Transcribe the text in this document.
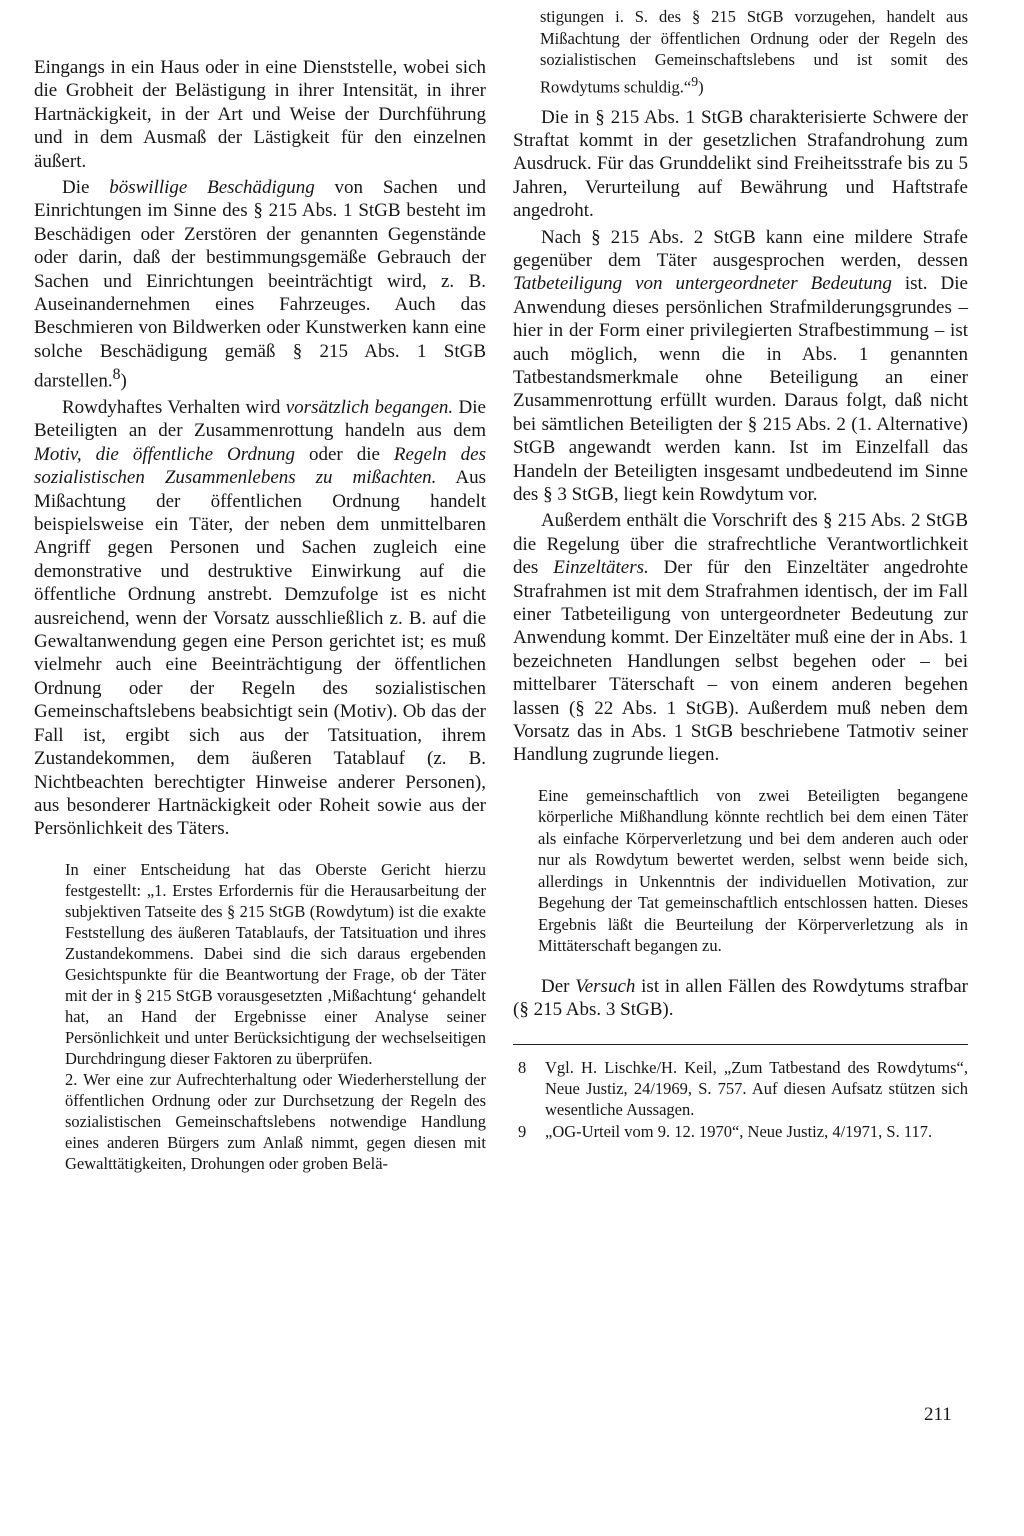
Eingangs in ein Haus oder in eine Dienststelle, wobei sich die Grobheit der Belästigung in ihrer Intensität, in ihrer Hartnäckigkeit, in der Art und Weise der Durchführung und in dem Ausmaß der Lästigkeit für den einzelnen äußert.

Die böswillige Beschädigung von Sachen und Einrichtungen im Sinne des § 215 Abs. 1 StGB besteht im Beschädigen oder Zerstören der genannten Gegenstände oder darin, daß der bestimmungsgemäße Gebrauch der Sachen und Einrichtungen beeinträchtigt wird, z. B. Auseinandernehmen eines Fahrzeuges. Auch das Beschmieren von Bildwerken oder Kunstwerken kann eine solche Beschädigung gemäß § 215 Abs. 1 StGB darstellen.$^8$)

Rowdyhaftes Verhalten wird vorsätzlich begangen. Die Beteiligten an der Zusammenrottung handeln aus dem Motiv, die öffentliche Ordnung oder die Regeln des sozialistischen Zusammenlebens zu mißachten. Aus Mißachtung der öffentlichen Ordnung handelt beispielsweise ein Täter, der neben dem unmittelbaren Angriff gegen Personen und Sachen zugleich eine demonstrative und destruktive Einwirkung auf die öffentliche Ordnung anstrebt. Demzufolge ist es nicht ausreichend, wenn der Vorsatz ausschließlich z. B. auf die Gewaltanwendung gegen eine Person gerichtet ist; es muß vielmehr auch eine Beeinträchtigung der öffentlichen Ordnung oder der Regeln des sozialistischen Gemeinschaftslebens beabsichtigt sein (Motiv). Ob das der Fall ist, ergibt sich aus der Tatsituation, ihrem Zustandekommen, dem äußeren Tatablauf (z. B. Nichtbeachten berechtigter Hinweise anderer Personen), aus besonderer Hartnäckigkeit oder Roheit sowie aus der Persönlichkeit des Täters.

In einer Entscheidung hat das Oberste Gericht hierzu festgestellt: „1. Erstes Erfordernis für die Herausarbeitung der subjektiven Tatseite des § 215 StGB (Rowdytum) ist die exakte Feststellung des äußeren Tatablaufs, der Tatsituation und ihres Zustandekommens. Dabei sind die sich daraus ergebenden Gesichtspunkte für die Beantwortung der Frage, ob der Täter mit der in § 215 StGB vorausgesetzten ‚Mißachtung‘ gehandelt hat, an Hand der Ergebnisse einer Analyse seiner Persönlichkeit und unter Berücksichtigung der wechselseitigen Durchdringung dieser Faktoren zu überprüfen.

2. Wer eine zur Aufrechterhaltung oder Wiederherstellung der öffentlichen Ordnung oder zur Durchsetzung der Regeln des sozialistischen Gemeinschaftslebens notwendige Handlung eines anderen Bürgers zum Anlaß nimmt, gegen diesen mit Gewalttätigkeiten, Drohungen oder groben Belä-

stigungen i. S. des § 215 StGB vorzugehen, handelt aus Mißachtung der öffentlichen Ordnung oder der Regeln des sozialistischen Gemeinschaftslebens und ist somit des Rowdytums schuldig.“$^9$)

Die in § 215 Abs. 1 StGB charakterisierte Schwere der Straftat kommt in der gesetzlichen Strafandrohung zum Ausdruck. Für das Grunddelikt sind Freiheitsstrafe bis zu 5 Jahren, Verurteilung auf Bewährung und Haftstrafe angedroht.

Nach § 215 Abs. 2 StGB kann eine mildere Strafe gegenüber dem Täter ausgesprochen werden, dessen Tatbeteiligung von untergeordneter Bedeutung ist. Die Anwendung dieses persönlichen Strafmilderungsgrundes – hier in der Form einer privilegierten Strafbestimmung – ist auch möglich, wenn die in Abs. 1 genannten Tatbestandsmerkmale ohne Beteiligung an einer Zusammenrottung erfüllt wurden. Daraus folgt, daß nicht bei sämtlichen Beteiligten der § 215 Abs. 2 (1. Alternative) StGB angewandt werden kann. Ist im Einzelfall das Handeln der Beteiligten insgesamt undbedeutend im Sinne des § 3 StGB, liegt kein Rowdytum vor.

Außerdem enthält die Vorschrift des § 215 Abs. 2 StGB die Regelung über die strafrechtliche Verantwortlichkeit des Einzeltäters. Der für den Einzeltäter angedrohte Strafrahmen ist mit dem Strafrahmen identisch, der im Fall einer Tatbeteiligung von untergeordneter Bedeutung zur Anwendung kommt. Der Einzeltäter muß eine der in Abs. 1 bezeichneten Handlungen selbst begehen oder – bei mittelbarer Täterschaft – von einem anderen begehen lassen (§ 22 Abs. 1 StGB). Außerdem muß neben dem Vorsatz das in Abs. 1 StGB beschriebene Tatmotiv seiner Handlung zugrunde liegen.

Eine gemeinschaftlich von zwei Beteiligten begangene körperliche Mißhandlung könnte rechtlich bei dem einen Täter als einfache Körperverletzung und bei dem anderen auch oder nur als Rowdytum bewertet werden, selbst wenn beide sich, allerdings in Unkenntnis der individuellen Motivation, zur Begehung der Tat gemeinschaftlich entschlossen hatten. Dieses Ergebnis läßt die Beurteilung der Körperverletzung als in Mittäterschaft begangen zu.

Der Versuch ist in allen Fällen des Rowdytums strafbar (§ 215 Abs. 3 StGB).

8	Vgl. H. Lischke/H. Keil, „Zum Tatbestand des Rowdytums“, Neue Justiz, 24/1969, S. 757. Auf diesen Aufsatz stützen sich wesentliche Aussagen.
9	„OG-Urteil vom 9. 12. 1970“, Neue Justiz, 4/1971, S. 117.
211
